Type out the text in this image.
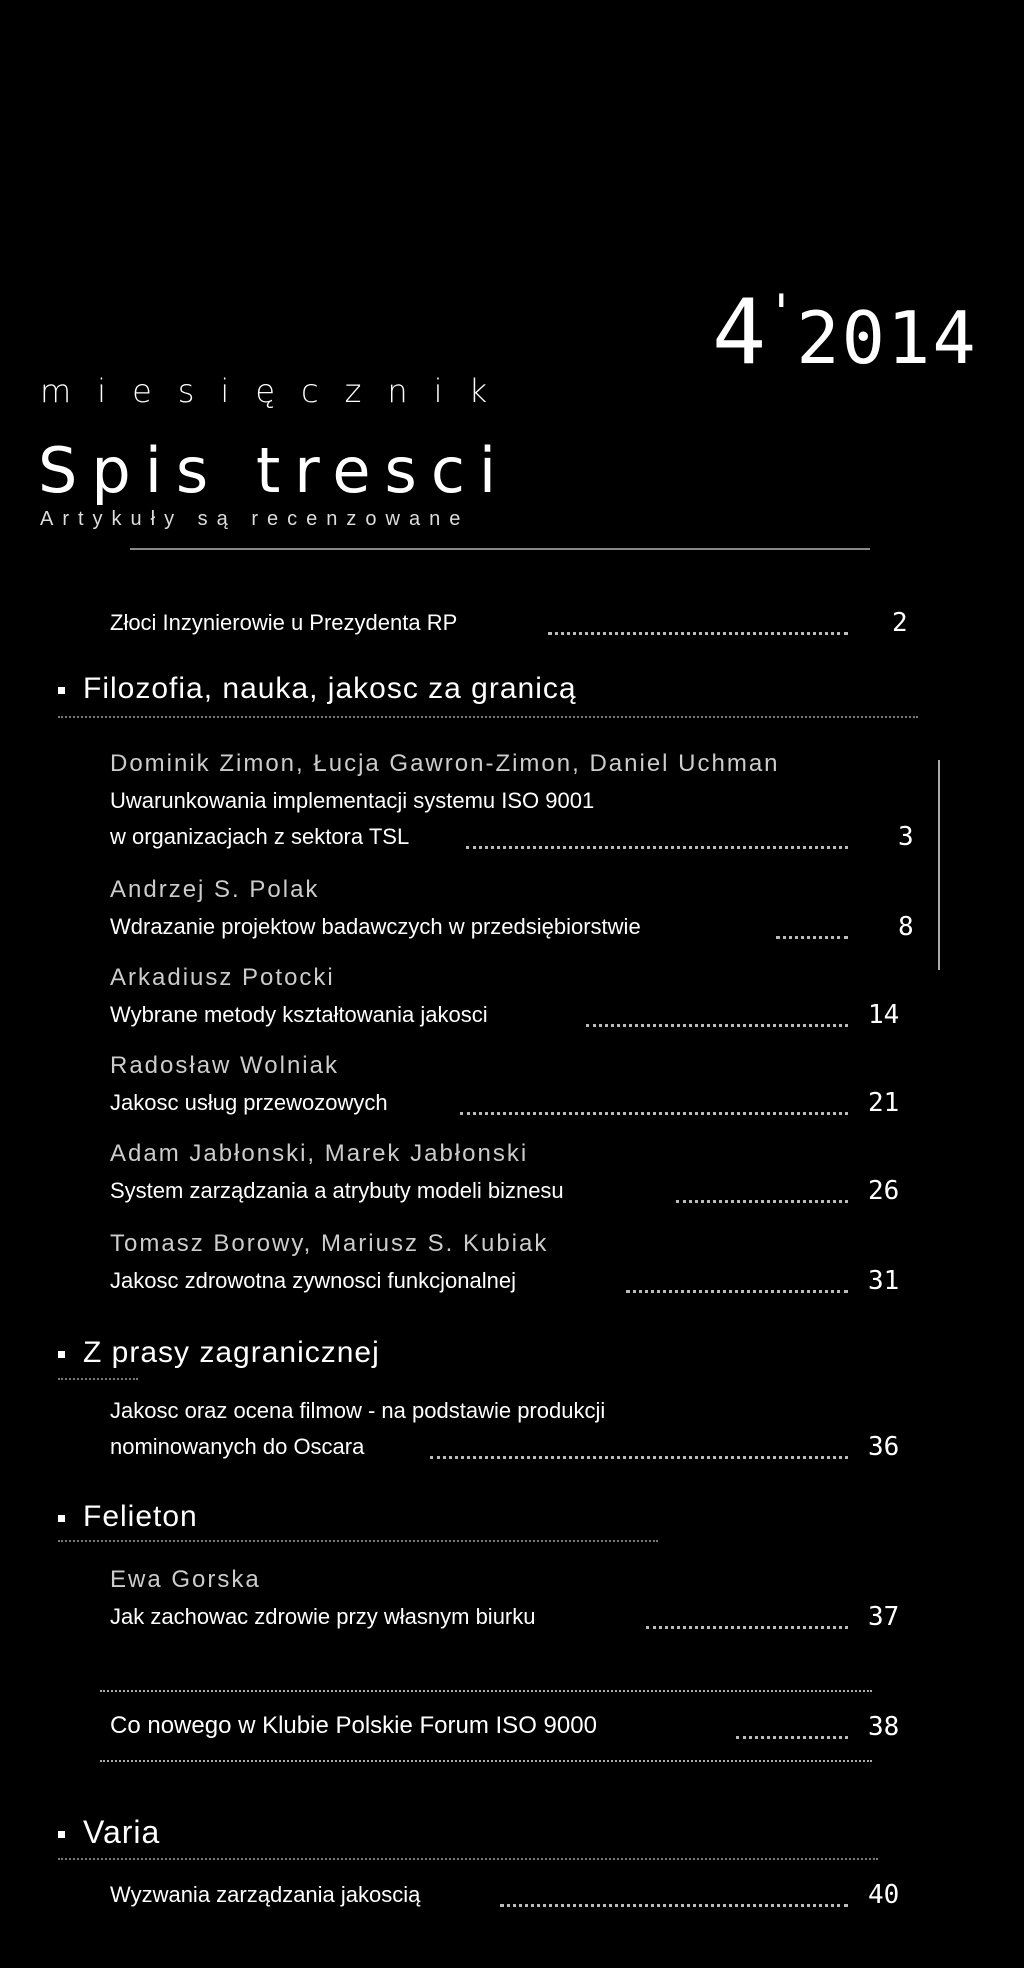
miesięcznik
4'2014
Spis tresci
Artykuły są recenzowane
Złoci Inzynierowie u Prezydenta RP	2
Filozofia, nauka, jakosc za granicą
Dominik Zimon, Łucja Gawron-Zimon, Daniel Uchman
Uwarunkowania implementacji systemu ISO 9001
w organizacjach z sektora TSL	3
Andrzej S. Polak
Wdrazanie projektow badawczych w przedsiębiorstwie	8
Arkadiusz Potocki
Wybrane metody kształtowania jakosci	14
Radosław Wolniak
Jakosc usług przewozowych	21
Adam Jabłonski, Marek Jabłonski
System zarządzania a atrybuty modeli biznesu	26
Tomasz Borowy, Mariusz S. Kubiak
Jakosc zdrowotna zywnosci funkcjonalnej	31
Z prasy zagranicznej
Jakosc oraz ocena filmow - na podstawie produkcji
nominowanych do Oscara	36
Felieton
Ewa Gorska
Jak zachowac zdrowie przy własnym biurku	37
Co nowego w Klubie Polskie Forum ISO 9000	38
Varia
Wyzwania zarządzania jakoscią	40
